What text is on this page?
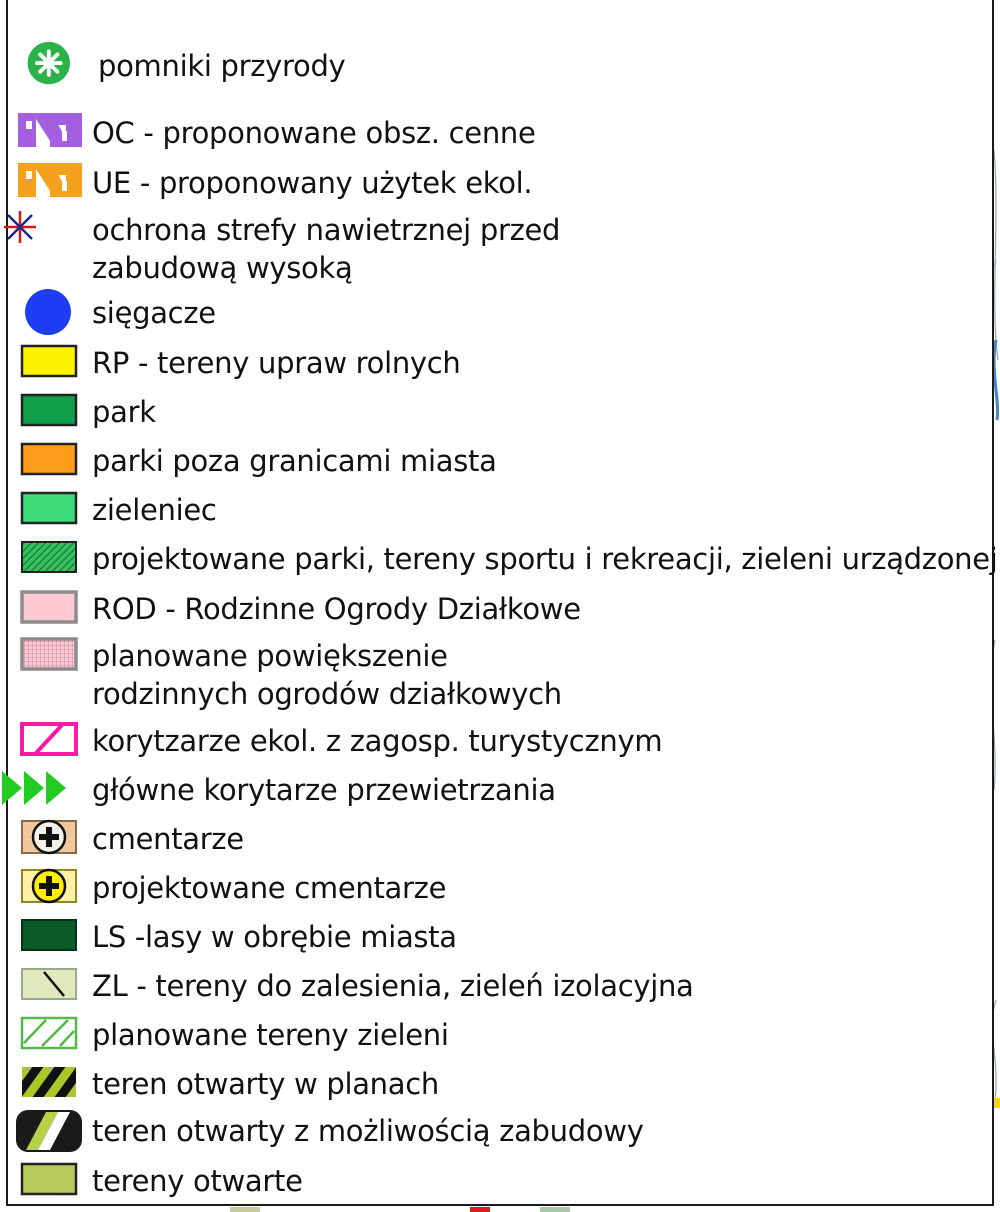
pomniki przyrody
OC - proponowane obsz. cenne
UE - proponowany użytek ekol.
ochrona strefy nawietrznej przed
zabudową wysoką
sięgacze
RP - tereny upraw rolnych
park
parki poza granicami miasta
zieleniec
projektowane parki, tereny sportu i rekreacji, zieleni urządzonej
ROD - Rodzinne Ogrody Działkowe
planowane powiększenie
rodzinnych ogrodów działkowych
korytzarze ekol. z zagosp. turystycznym
główne korytarze przewietrzania
cmentarze
projektowane cmentarze
LS -lasy w obrębie miasta
ZL - tereny do zalesienia, zieleń izolacyjna
planowane tereny zieleni
teren otwarty w planach
teren otwarty z możliwością zabudowy
tereny otwarte
